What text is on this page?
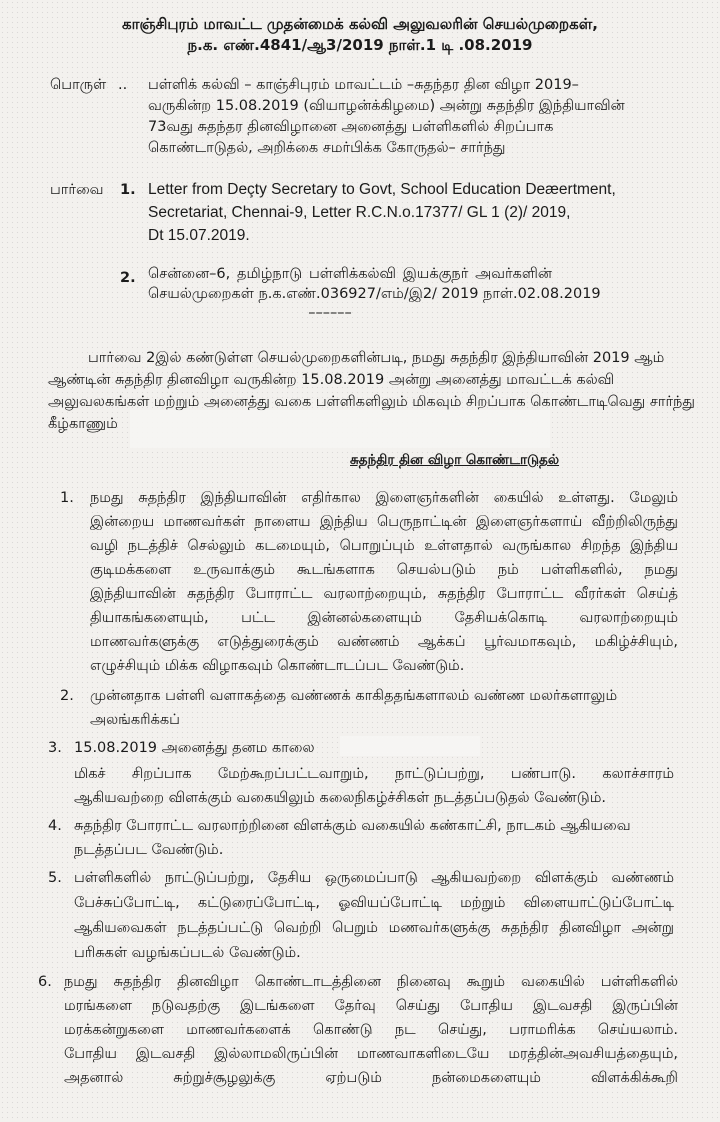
காஞ்சிபுரம் மாவட்ட முதன்மைக் கல்வி அலுவலரின் செயல்முறைகள்,
ந.க. எண்.4841/ஆ3/2019 நாள்.1 டி .08.2019
பொருள் .. பள்ளிக் கல்வி – காஞ்சிபுரம் மாவட்டம் –சுதந்தர தின விழா 2019–
வருகின்ற 15.08.2019 (வியாழன்க்கிழமை) அன்று சுதந்திர இந்தியாவின்
73வது சுதந்தர தினவிழானை அனைத்து பள்ளிகளில் சிறப்பாக
கொண்டாடுதல், அறிக்கை சமர்பிக்க கோருதல்– சார்ந்து
பார்வை 1. Letter from Deçty Secretary to Govt, School Education Deæertment,
Secretariat, Chennai-9, Letter R.C.N.o.17377/ GL 1 (2)/ 2019,
Dt 15.07.2019.
2. சென்னை–6, தமிழ்நாடு பள்ளிக்கல்வி இயக்குநர் அவர்களின்
செயல்முறைகள் ந.க.எண்.036927/எம்/இ2/ 2019 நாள்.02.08.2019
––––––
பார்வை 2இல் கண்டுள்ள செயல்முறைகளின்படி, நமது சுதந்திர இந்தியாவின் 2019 ஆம்
ஆண்டின் சுதந்திர தினவிழா வருகின்ற 15.08.2019 அன்று அனைத்து மாவட்டக் கல்வி
அலுவலகங்கள் மற்றும் அனைத்து வகை பள்ளிகளிலும் மிகவும் சிறப்பாக கொண்டாடிவெது சார்ந்து
கீழ்காணும்
சுதந்திர தின விழா கொண்டாடுதல்
1. நமது சுதந்திர இந்தியாவின் எதிர்கால இளைஞர்களின் கையில் உள்ளது. மேலும்
இன்றைய மாணவர்கள் நாளைய இந்திய பெருநாட்டின் இளைஞர்களாய் வீற்றிலிருந்து
வழி நடத்திச் செல்லும் கடமையும், பொறுப்பும் உள்ளதால் வருங்கால சிறந்த இந்திய
குடிமக்களை உருவாக்கும் கூடங்களாக செயல்படும் நம் பள்ளிகளில், நமது
இந்தியாவின் சுதந்திர போராட்ட வரலாற்றையும், சுதந்திர போராட்ட வீரர்கள் செய்த்
தியாகங்களையும், பட்ட இன்னல்களையும் தேசியக்கொடி வரலாற்றையும்
மாணவர்களுக்கு எடுத்துரைக்கும் வண்ணம் ஆக்கப் பூர்வமாகவும், மகிழ்ச்சியும்,
எழுச்சியும் மிக்க விழாகவும் கொண்டாடப்பட வேண்டும்.
2. முன்னதாக பள்ளி வளாகத்தை வண்ணக் காகிததங்களாலம் வண்ண மலர்களாலும்
அலங்கரிக்கப்
3. 15.08.2019 அனைத்து தனம காலை
மிகச் சிறப்பாக மேற்கூறப்பட்டவாறும், நாட்டுப்பற்று, பண்பாடு. கலாச்சாரம்
ஆகியவற்றை விளக்கும் வகையிலும் கலைநிகழ்ச்சிகள் நடத்தப்படுதல் வேண்டும்.
4. சுதந்திர போராட்ட வரலாற்றினை விளக்கும் வகையில் கண்காட்சி, நாடகம் ஆகியவை
நடத்தப்பட வேண்டும்.
5. பள்ளிகளில் நாட்டுப்பற்று, தேசிய ஒருமைப்பாடு ஆகியவற்றை விளக்கும் வண்ணம்
பேச்சுப்போட்டி, கட்டுரைப்போட்டி, ஓவியப்போட்டி மற்றும் விளையாட்டுப்போட்டி
ஆகியவைகள் நடத்தப்பட்டு வெற்றி பெறும் மணவர்களுக்கு சுதந்திர தினவிழா அன்று
பரிசுகள் வழங்கப்படல் வேண்டும்.
6. நமது சுதந்திர தினவிழா கொண்டாடத்தினை நினைவு கூறும் வகையில் பள்ளிகளில்
மரங்களை நடுவதற்கு இடங்களை தேர்வு செய்து போதிய இடவசதி இருப்பின்
மரக்கன்றுகளை மாணவர்களைக் கொண்டு நட செய்து, பராமரிக்க செய்யலாம்.
போதிய இடவசதி இல்லாமலிருப்பின் மாணவாகளிடையே மரத்தின்அவசியத்தையும்,
அதனால் சுற்றுச்சூழலுக்கு ஏற்படும் நன்மைகளையும் விளக்கிக்கூறி
